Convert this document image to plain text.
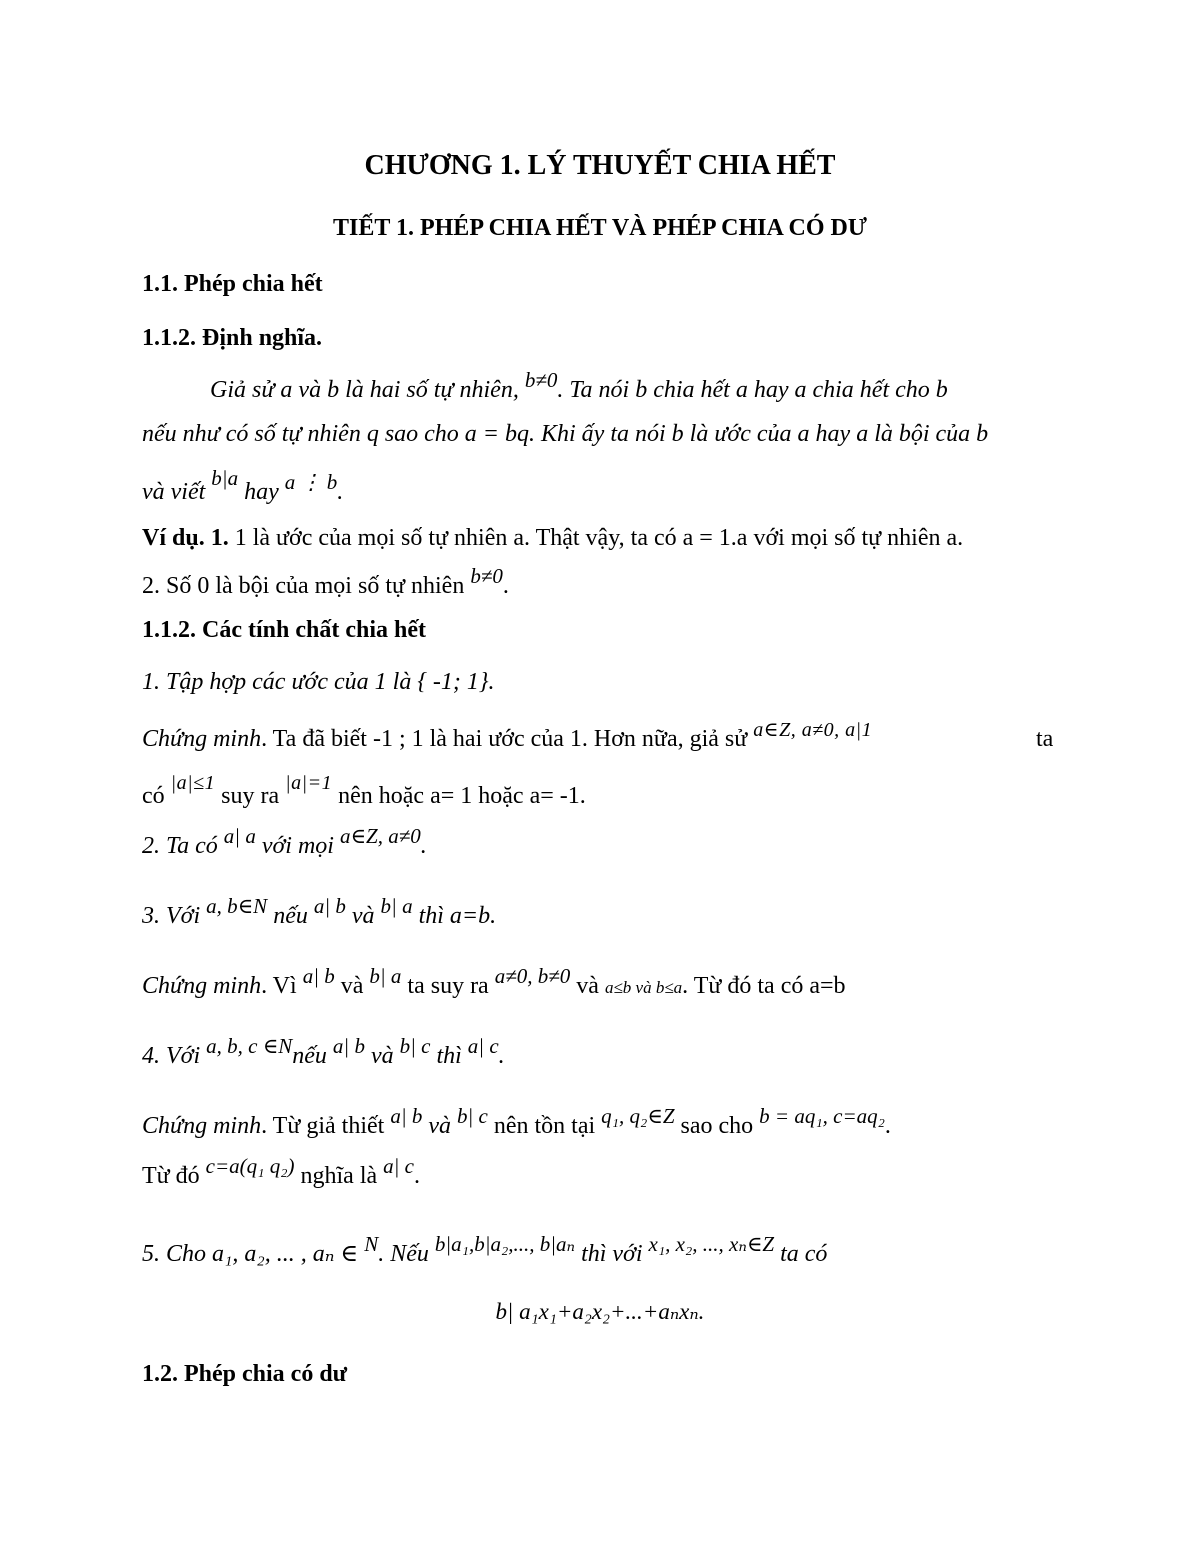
CHƯƠNG 1. LÝ THUYẾT CHIA HẾT
TIẾT 1. PHÉP CHIA HẾT VÀ PHÉP CHIA CÓ DƯ
1.1. Phép chia hết
1.1.2. Định nghĩa.
Giả sử a và b là hai số tự nhiên, b≠0. Ta nói b chia hết a hay a chia hết cho b
nếu như có số tự nhiên q sao cho a = bq. Khi ấy ta nói b là ước của a hay a là bội của b
và viết b|a hay a ⋮ b.
Ví dụ. 1. 1 là ước của mọi số tự nhiên a. Thật vậy, ta có a = 1.a với mọi số tự nhiên a.
2. Số 0 là bội của mọi số tự nhiên b≠0.
1.1.2. Các tính chất chia hết
1. Tập hợp các ước của 1 là { -1; 1}.
Chứng minh. Ta đã biết -1 ; 1 là hai ước của 1. Hơn nữa, giả sử $^{a\in Z, a\ne 0, a|1}$	ta
có $^{|a|\le 1}$ suy ra $^{|a|=1}$ nên hoặc a= 1 hoặc a= -1.
2. Ta có a| a với mọi a∈Z, a≠0.
3. Với a, b∈N nếu a| b và b| a thì a=b.
Chứng minh. Vì a| b và b| a ta suy ra a≠0, b≠0 và a≤b và b≤a. Từ đó ta có a=b
4. Với a, b, c ∈Nnếu a| b và b| c thì a| c.
Chứng minh. Từ giả thiết a| b và b| c nên tồn tại q₁, q₂∈Z sao cho b = aq₁, c=aq₂.
Từ đó c=a(q₁ q₂) nghĩa là a| c.
5. Cho a₁, a₂, ... , aₙ ∈ N. Nếu b|a₁,b|a₂,..., b|aₙ thì với x₁, x₂, ..., xₙ∈Z ta có
b| a₁x₁+a₂x₂+...+aₙxₙ.
1.2. Phép chia có dư
